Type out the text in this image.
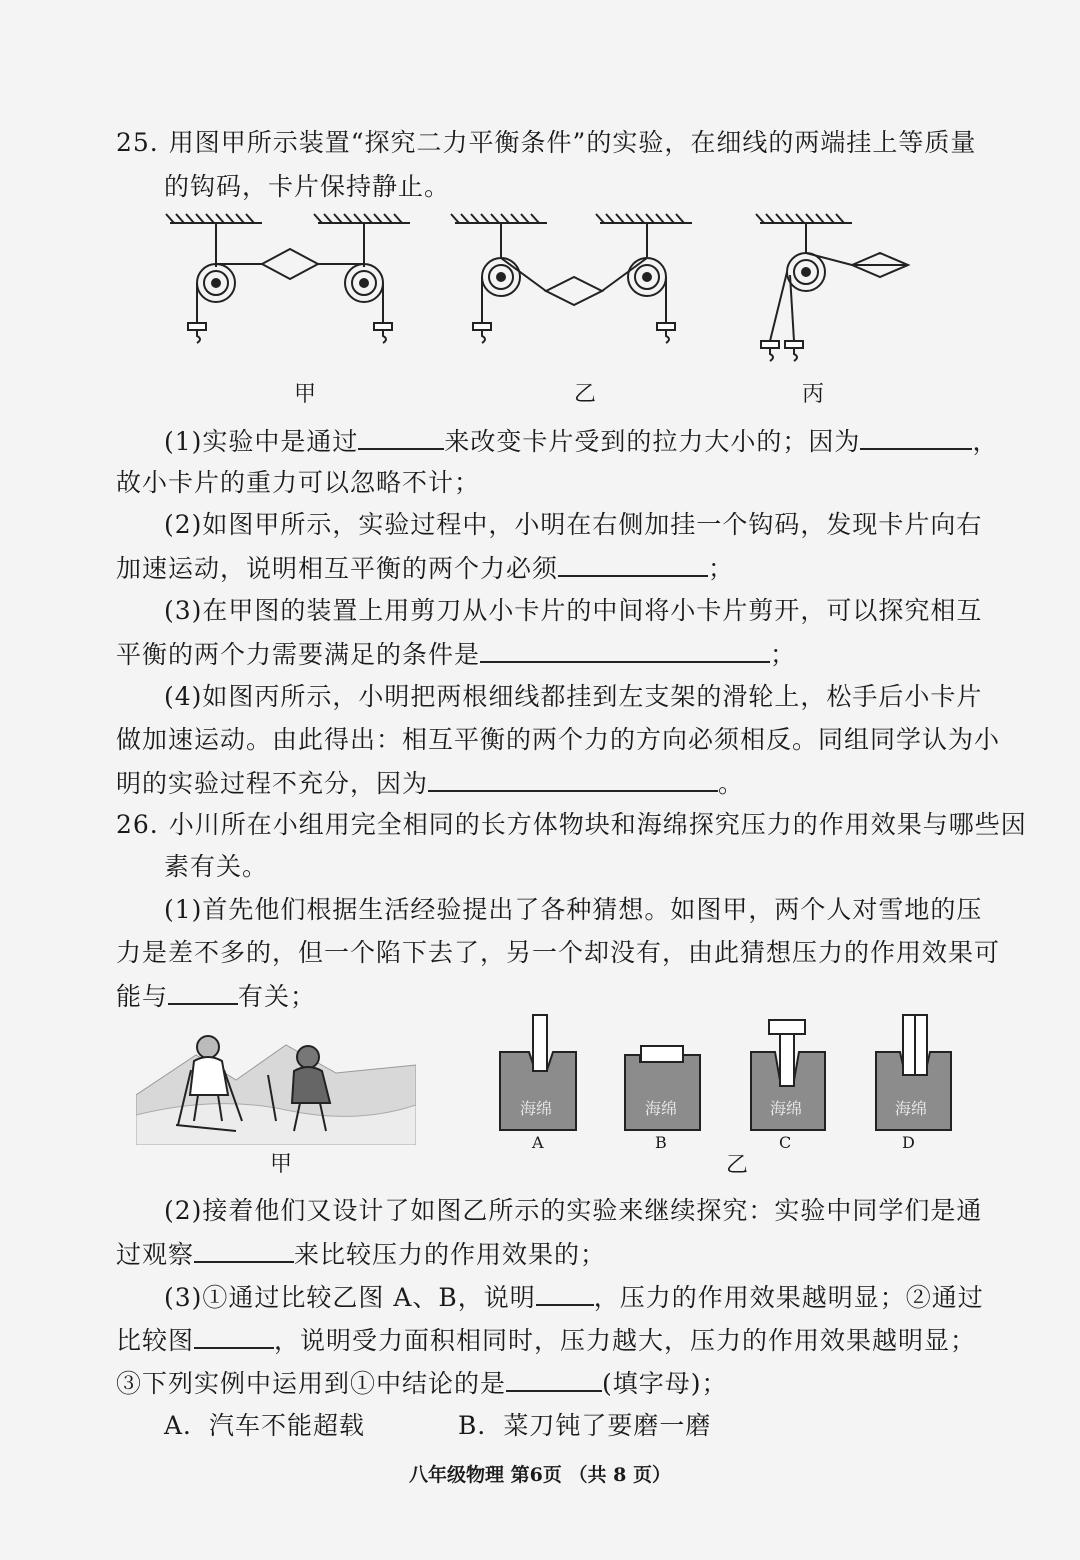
25. 用图甲所示装置“探究二力平衡条件”的实验，在细线的两端挂上等质量
的钩码，卡片保持静止。
甲	乙	丙
(1)实验中是通过	来改变卡片受到的拉力大小的；因为	，
故小卡片的重力可以忽略不计；
(2)如图甲所示，实验过程中，小明在右侧加挂一个钩码，发现卡片向右
加速运动，说明相互平衡的两个力必须	；
(3)在甲图的装置上用剪刀从小卡片的中间将小卡片剪开，可以探究相互
平衡的两个力需要满足的条件是	；
(4)如图丙所示，小明把两根细线都挂到左支架的滑轮上，松手后小卡片
做加速运动。由此得出：相互平衡的两个力的方向必须相反。同组同学认为小
明的实验过程不充分，因为	。
26. 小川所在小组用完全相同的长方体物块和海绵探究压力的作用效果与哪些因
素有关。
(1)首先他们根据生活经验提出了各种猜想。如图甲，两个人对雪地的压
力是差不多的，但一个陷下去了，另一个却没有，由此猜想压力的作用效果可
能与	有关；
甲
海绵	海绵	海绵	海绵
A	B	C	D
乙
(2)接着他们又设计了如图乙所示的实验来继续探究：实验中同学们是通
过观察	来比较压力的作用效果的；
(3)①通过比较乙图 A、B，说明 ，压力的作用效果越明显；②通过
比较图	，说明受力面积相同时，压力越大，压力的作用效果越明显；
③下列实例中运用到①中结论的是	(填字母)；
A．汽车不能超载	B．菜刀钝了要磨一磨
八年级物理 第6页 （共 8 页）
